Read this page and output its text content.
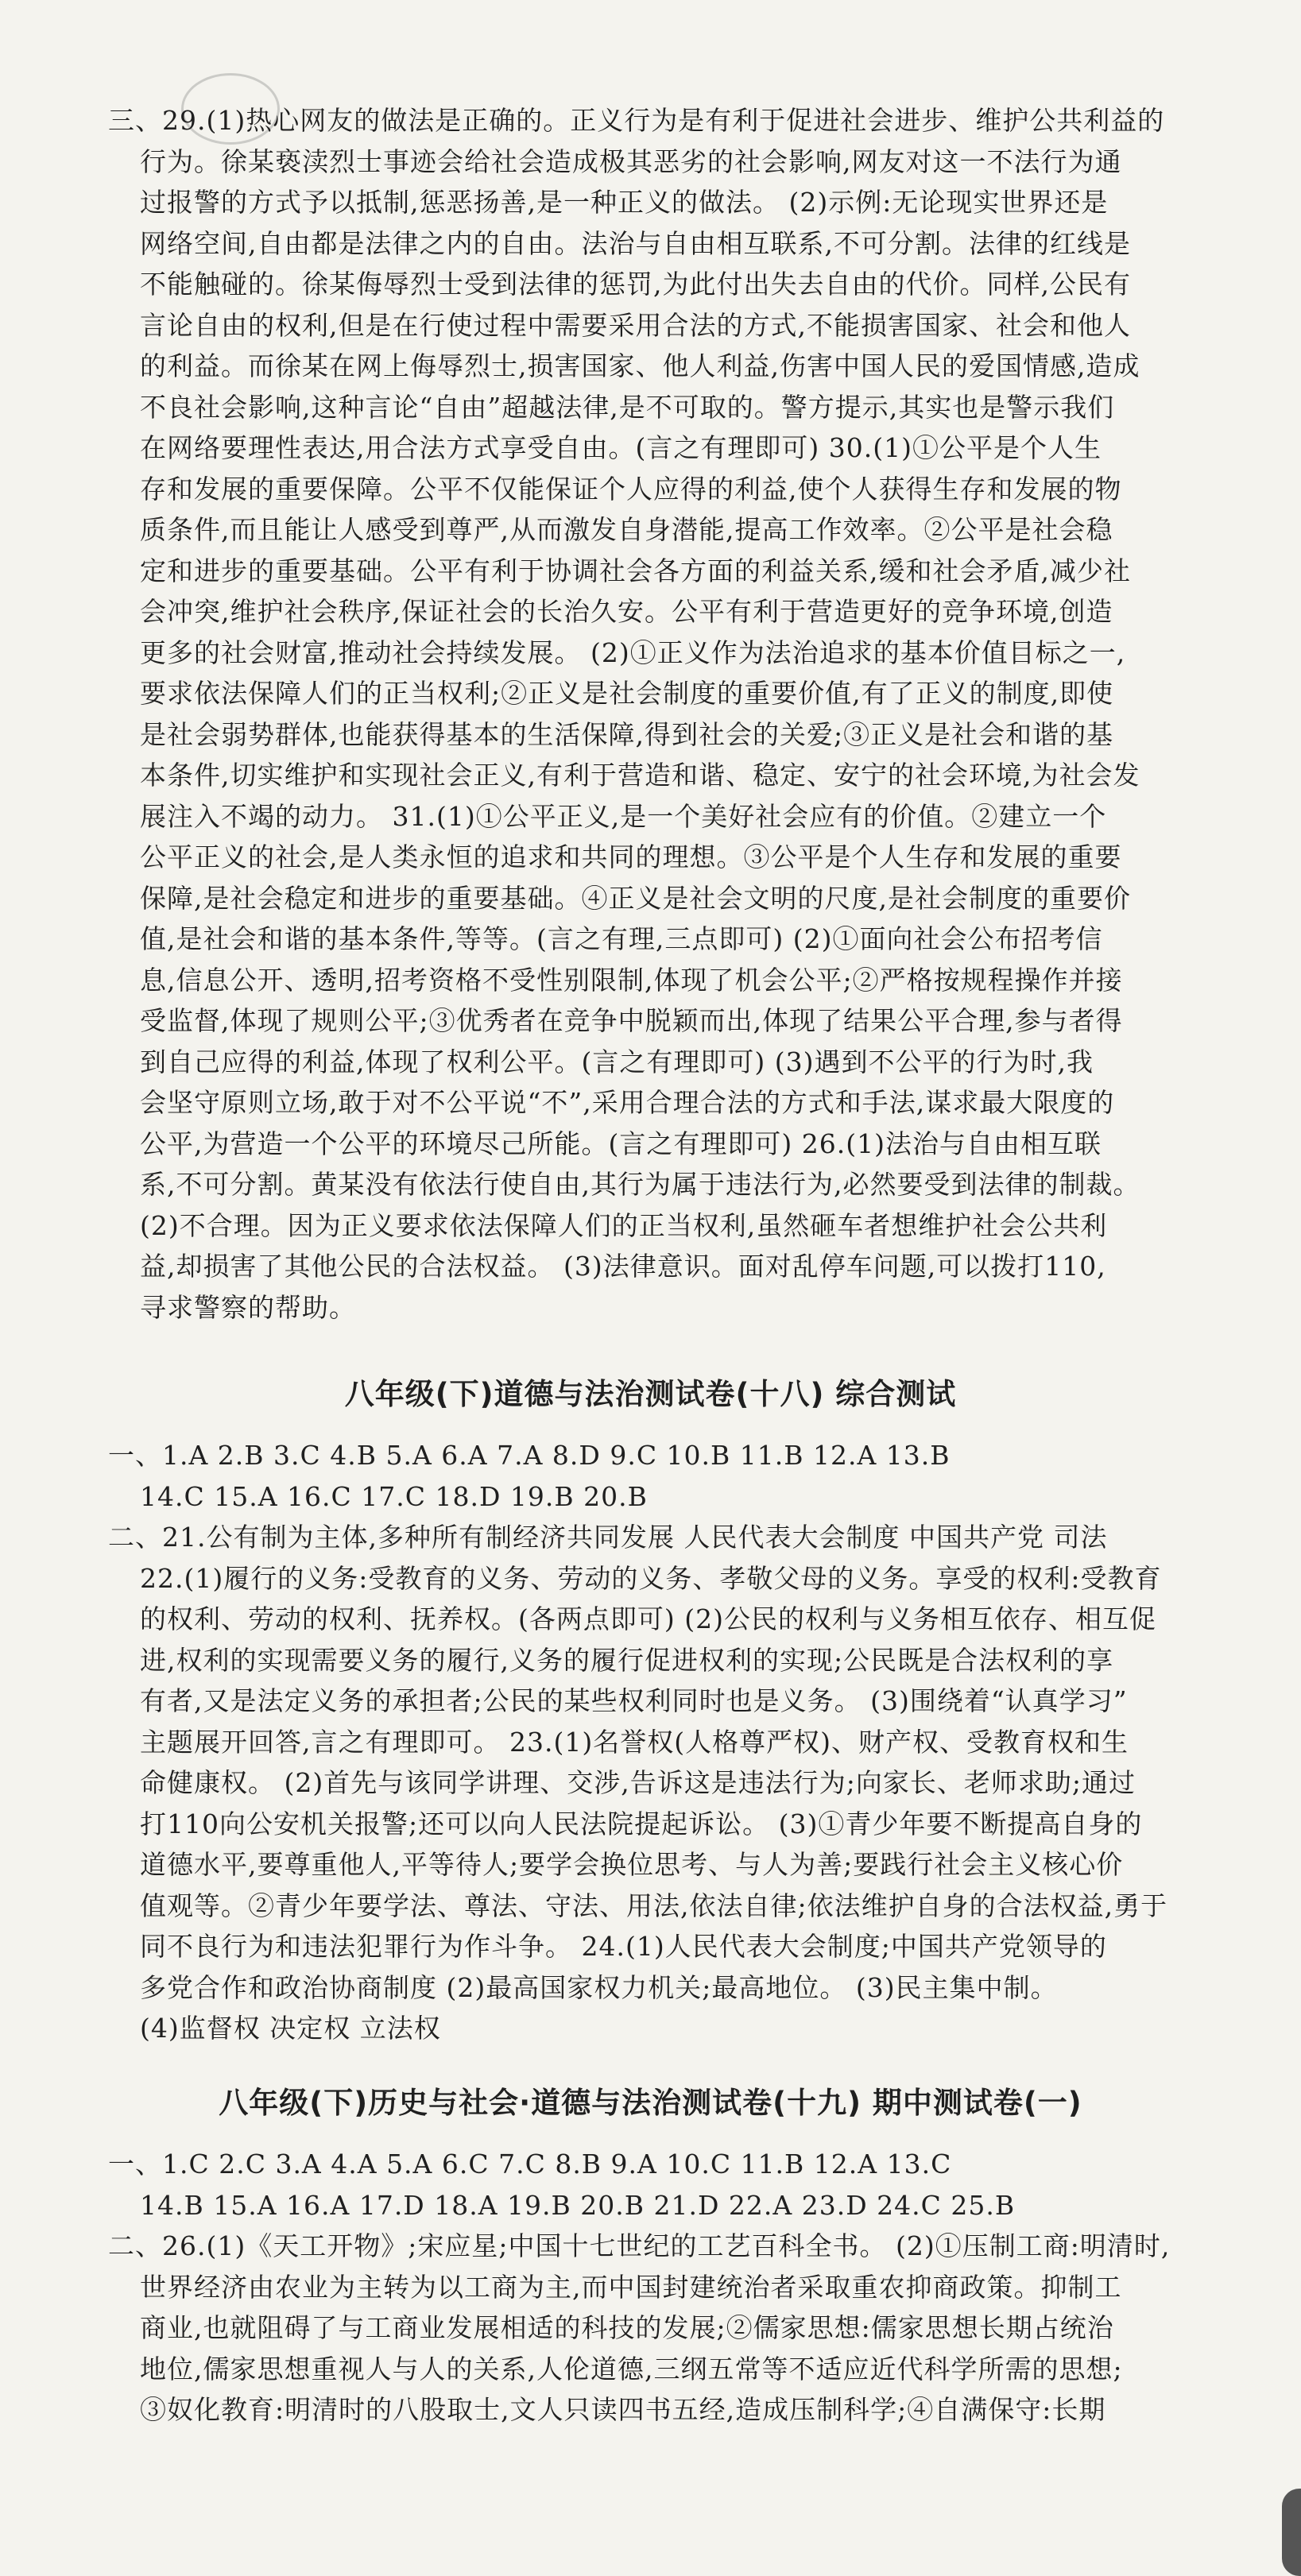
三、29.(1)热心网友的做法是正确的。正义行为是有利于促进社会进步、维护公共利益的
行为。徐某亵渎烈士事迹会给社会造成极其恶劣的社会影响,网友对这一不法行为通
过报警的方式予以抵制,惩恶扬善,是一种正义的做法。 (2)示例:无论现实世界还是
网络空间,自由都是法律之内的自由。法治与自由相互联系,不可分割。法律的红线是
不能触碰的。徐某侮辱烈士受到法律的惩罚,为此付出失去自由的代价。同样,公民有
言论自由的权利,但是在行使过程中需要采用合法的方式,不能损害国家、社会和他人
的利益。而徐某在网上侮辱烈士,损害国家、他人利益,伤害中国人民的爱国情感,造成
不良社会影响,这种言论“自由”超越法律,是不可取的。警方提示,其实也是警示我们
在网络要理性表达,用合法方式享受自由。(言之有理即可) 30.(1)①公平是个人生
存和发展的重要保障。公平不仅能保证个人应得的利益,使个人获得生存和发展的物
质条件,而且能让人感受到尊严,从而激发自身潜能,提高工作效率。②公平是社会稳
定和进步的重要基础。公平有利于协调社会各方面的利益关系,缓和社会矛盾,减少社
会冲突,维护社会秩序,保证社会的长治久安。公平有利于营造更好的竞争环境,创造
更多的社会财富,推动社会持续发展。 (2)①正义作为法治追求的基本价值目标之一,
要求依法保障人们的正当权利;②正义是社会制度的重要价值,有了正义的制度,即使
是社会弱势群体,也能获得基本的生活保障,得到社会的关爱;③正义是社会和谐的基
本条件,切实维护和实现社会正义,有利于营造和谐、稳定、安宁的社会环境,为社会发
展注入不竭的动力。 31.(1)①公平正义,是一个美好社会应有的价值。②建立一个
公平正义的社会,是人类永恒的追求和共同的理想。③公平是个人生存和发展的重要
保障,是社会稳定和进步的重要基础。④正义是社会文明的尺度,是社会制度的重要价
值,是社会和谐的基本条件,等等。(言之有理,三点即可) (2)①面向社会公布招考信
息,信息公开、透明,招考资格不受性别限制,体现了机会公平;②严格按规程操作并接
受监督,体现了规则公平;③优秀者在竞争中脱颖而出,体现了结果公平合理,参与者得
到自己应得的利益,体现了权利公平。(言之有理即可) (3)遇到不公平的行为时,我
会坚守原则立场,敢于对不公平说“不”,采用合理合法的方式和手法,谋求最大限度的
公平,为营造一个公平的环境尽己所能。(言之有理即可) 26.(1)法治与自由相互联
系,不可分割。黄某没有依法行使自由,其行为属于违法行为,必然要受到法律的制裁。
(2)不合理。因为正义要求依法保障人们的正当权利,虽然砸车者想维护社会公共利
益,却损害了其他公民的合法权益。 (3)法律意识。面对乱停车问题,可以拨打110,
寻求警察的帮助。
八年级(下)道德与法治测试卷(十八) 综合测试
一、1.A 2.B 3.C 4.B 5.A 6.A 7.A 8.D 9.C 10.B 11.B 12.A 13.B
14.C 15.A 16.C 17.C 18.D 19.B 20.B
二、21.公有制为主体,多种所有制经济共同发展 人民代表大会制度 中国共产党 司法
22.(1)履行的义务:受教育的义务、劳动的义务、孝敬父母的义务。享受的权利:受教育
的权利、劳动的权利、抚养权。(各两点即可) (2)公民的权利与义务相互依存、相互促
进,权利的实现需要义务的履行,义务的履行促进权利的实现;公民既是合法权利的享
有者,又是法定义务的承担者;公民的某些权利同时也是义务。 (3)围绕着“认真学习”
主题展开回答,言之有理即可。 23.(1)名誉权(人格尊严权)、财产权、受教育权和生
命健康权。 (2)首先与该同学讲理、交涉,告诉这是违法行为;向家长、老师求助;通过
打110向公安机关报警;还可以向人民法院提起诉讼。 (3)①青少年要不断提高自身的
道德水平,要尊重他人,平等待人;要学会换位思考、与人为善;要践行社会主义核心价
值观等。②青少年要学法、尊法、守法、用法,依法自律;依法维护自身的合法权益,勇于
同不良行为和违法犯罪行为作斗争。 24.(1)人民代表大会制度;中国共产党领导的
多党合作和政治协商制度 (2)最高国家权力机关;最高地位。 (3)民主集中制。
(4)监督权 决定权 立法权
八年级(下)历史与社会·道德与法治测试卷(十九) 期中测试卷(一)
一、1.C 2.C 3.A 4.A 5.A 6.C 7.C 8.B 9.A 10.C 11.B 12.A 13.C
14.B 15.A 16.A 17.D 18.A 19.B 20.B 21.D 22.A 23.D 24.C 25.B
二、26.(1)《天工开物》;宋应星;中国十七世纪的工艺百科全书。 (2)①压制工商:明清时,
世界经济由农业为主转为以工商为主,而中国封建统治者采取重农抑商政策。抑制工
商业,也就阻碍了与工商业发展相适的科技的发展;②儒家思想:儒家思想长期占统治
地位,儒家思想重视人与人的关系,人伦道德,三纲五常等不适应近代科学所需的思想;
③奴化教育:明清时的八股取士,文人只读四书五经,造成压制科学;④自满保守:长期
